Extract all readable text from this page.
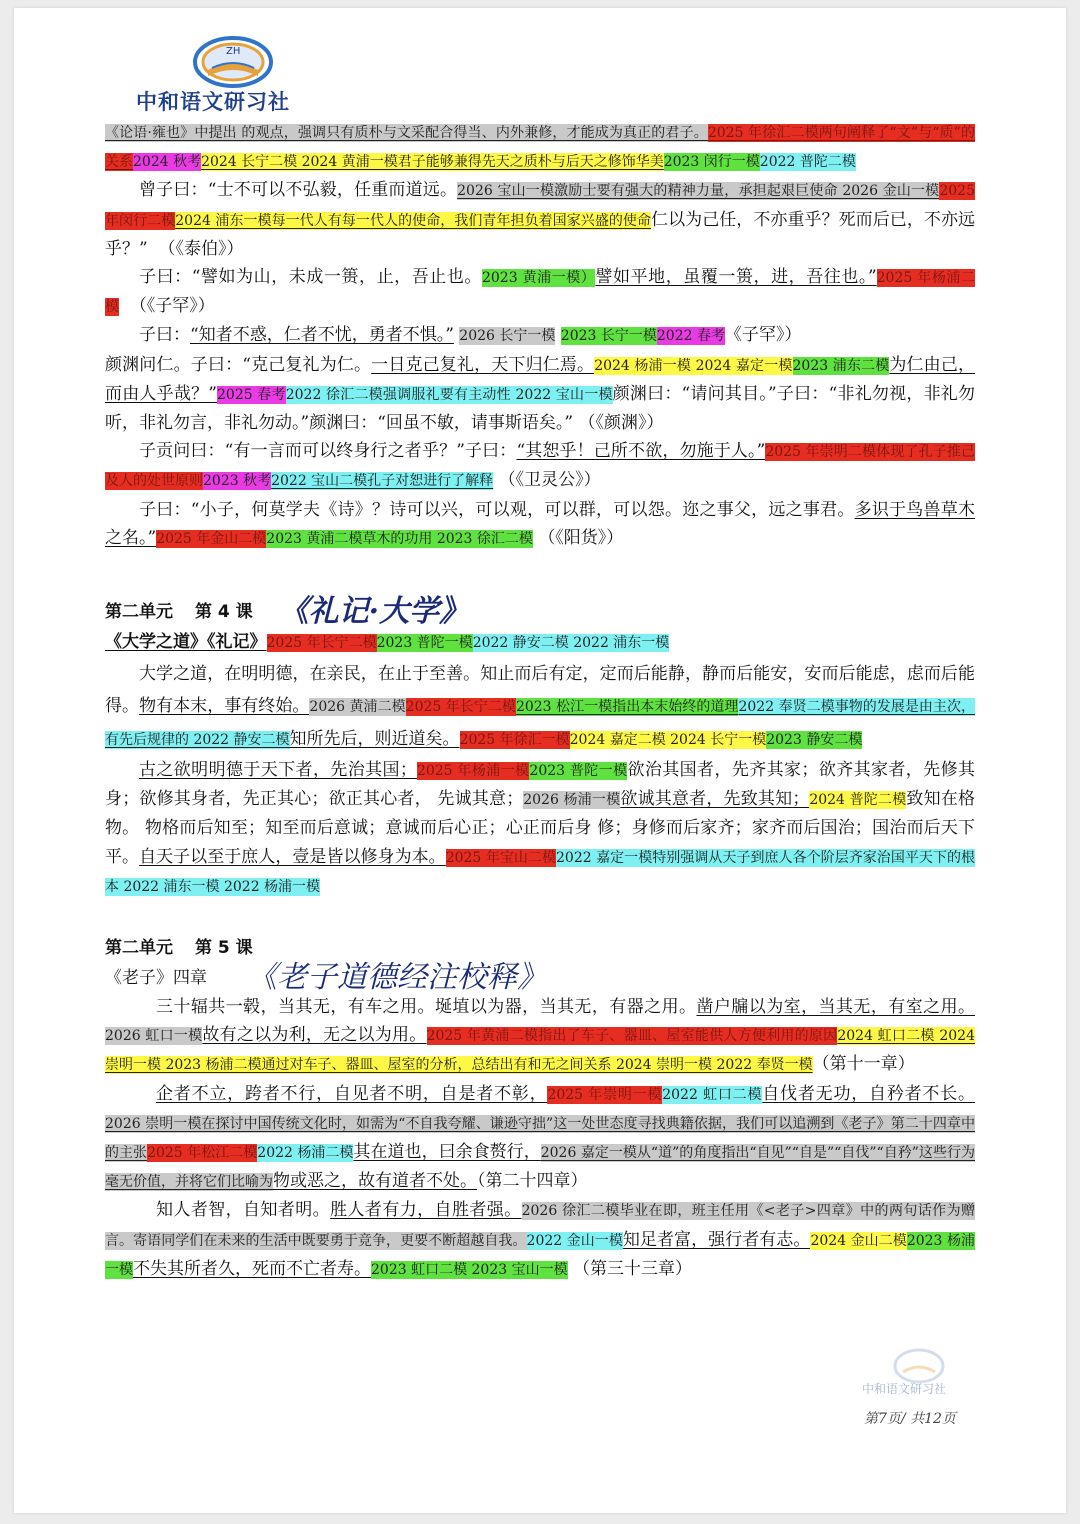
ZH
中和语文研习社

《论语·雍也》中提出 的观点，强调只有质朴与文采配合得当、内外兼修，才能成为真正的君子。2025 年徐汇二模两句阐释了“文”与“质”的关系2024 秋考2024 长宁二模 2024 黄浦一模君子能够兼得先天之质朴与后天之修饰华美2023 闵行一模2022 普陀二模

曾子曰：“士不可以不弘毅，任重而道远。2026 宝山一模激励士要有强大的精神力量，承担起艰巨使命 2026 金山一模2025 年闵行二模2024 浦东一模每一代人有每一代人的使命，我们青年担负着国家兴盛的使命仁以为己任，不亦重乎？死而后已，不亦远乎？” （《泰伯》）

子曰：“譬如为山，未成一篑，止，吾止也。2023 黄浦一模）譬如平地，虽覆一篑，进，吾往也。”2025 年杨浦二模 （《子罕》）

子曰：“知者不惑，仁者不忧，勇者不惧。” 2026 长宁一模 2023 长宁一模2022 春考《子罕》）

颜渊问仁。子曰：“克己复礼为仁。一日克己复礼，天下归仁焉。2024 杨浦一模 2024 嘉定一模2023 浦东二模为仁由己，而由人乎哉？”2025 春考2022 徐汇二模强调服礼要有主动性 2022 宝山一模颜渊曰：“请问其目。”子曰：“非礼勿视，非礼勿听，非礼勿言，非礼勿动。”颜渊曰：“回虽不敏，请事斯语矣。” （《颜渊》）

子贡问曰：“有一言而可以终身行之者乎？”子曰：“其恕乎！己所不欲，勿施于人。”2025 年崇明二模体现了孔子推己及人的处世原则2023 秋考2022 宝山二模孔子对恕进行了解释 （《卫灵公》）

子曰：“小子，何莫学夫《诗》？诗可以兴，可以观，可以群，可以怨。迩之事父，远之事君。多识于鸟兽草木之名。”2025 年金山二模2023 黄浦二模草木的功用 2023 徐汇二模 （《阳货》）

第二单元 第 4 课 《礼记·大学》
《大学之道》《礼记》2025 年长宁二模2023 普陀一模2022 静安二模 2022 浦东一模

大学之道，在明明德，在亲民，在止于至善。知止而后有定，定而后能静，静而后能安，安而后能虑，虑而后能得。物有本末，事有终始。2026 黄浦二模2025 年长宁二模2023 松江一模指出本末始终的道理2022 奉贤二模事物的发展是由主次，有先后规律的 2022 静安二模知所先后，则近道矣。2025 年徐汇一模2024 嘉定二模 2024 长宁一模2023 静安二模

古之欲明明德于天下者，先治其国；2025 年杨浦一模2023 普陀一模欲治其国者，先齐其家；欲齐其家者，先修其身；欲修其身者，先正其心；欲正其心者， 先诚其意；2026 杨浦一模欲诚其意者，先致其知；2024 普陀二模致知在格物。 物格而后知至；知至而后意诚；意诚而后心正；心正而后身 修；身修而后家齐；家齐而后国治；国治而后天下平。自天子以至于庶人，壹是皆以修身为本。2025 年宝山二模2022 嘉定一模特别强调从天子到庶人各个阶层齐家治国平天下的根本 2022 浦东一模 2022 杨浦一模

第二单元 第 5 课
《老子》四章 《老子道德经注校释》

三十辐共一毂，当其无，有车之用。埏埴以为器，当其无，有器之用。凿户牖以为室，当其无，有室之用。2026 虹口一模故有之以为利，无之以为用。2025 年黄浦二模指出了车子、器皿、屋室能供人方便利用的原因2024 虹口二模 2024 崇明一模 2023 杨浦二模通过对车子、器皿、屋室的分析，总结出有和无之间关系 2024 崇明一模 2022 奉贤一模（第十一章）

企者不立，跨者不行，自见者不明，自是者不彰，2025 年崇明一模2022 虹口二模自伐者无功，自矜者不长。2026 崇明一模在探讨中国传统文化时，如需为“不自我夸耀、谦逊守拙”这一处世态度寻找典籍依据，我们可以追溯到《老子》第二十四章中的主张2025 年松江二模2022 杨浦二模其在道也，曰余食赘行，2026 嘉定一模从“道”的角度指出“自见”“自是”“自伐”“自矜”这些行为毫无价值，并将它们比喻为物或恶之，故有道者不处。（第二十四章）

知人者智，自知者明。胜人者有力，自胜者强。2026 徐汇二模毕业在即，班主任用《<老子>四章》中的两句话作为赠言。寄语同学们在未来的生活中既要勇于竞争，更要不断超越自我。2022 金山一模知足者富，强行者有志。2024 金山二模2023 杨浦一模不失其所者久，死而不亡者寿。2023 虹口二模 2023 宝山一模 （第三十三章）

中和语文研习社
第7页/ 共12页
